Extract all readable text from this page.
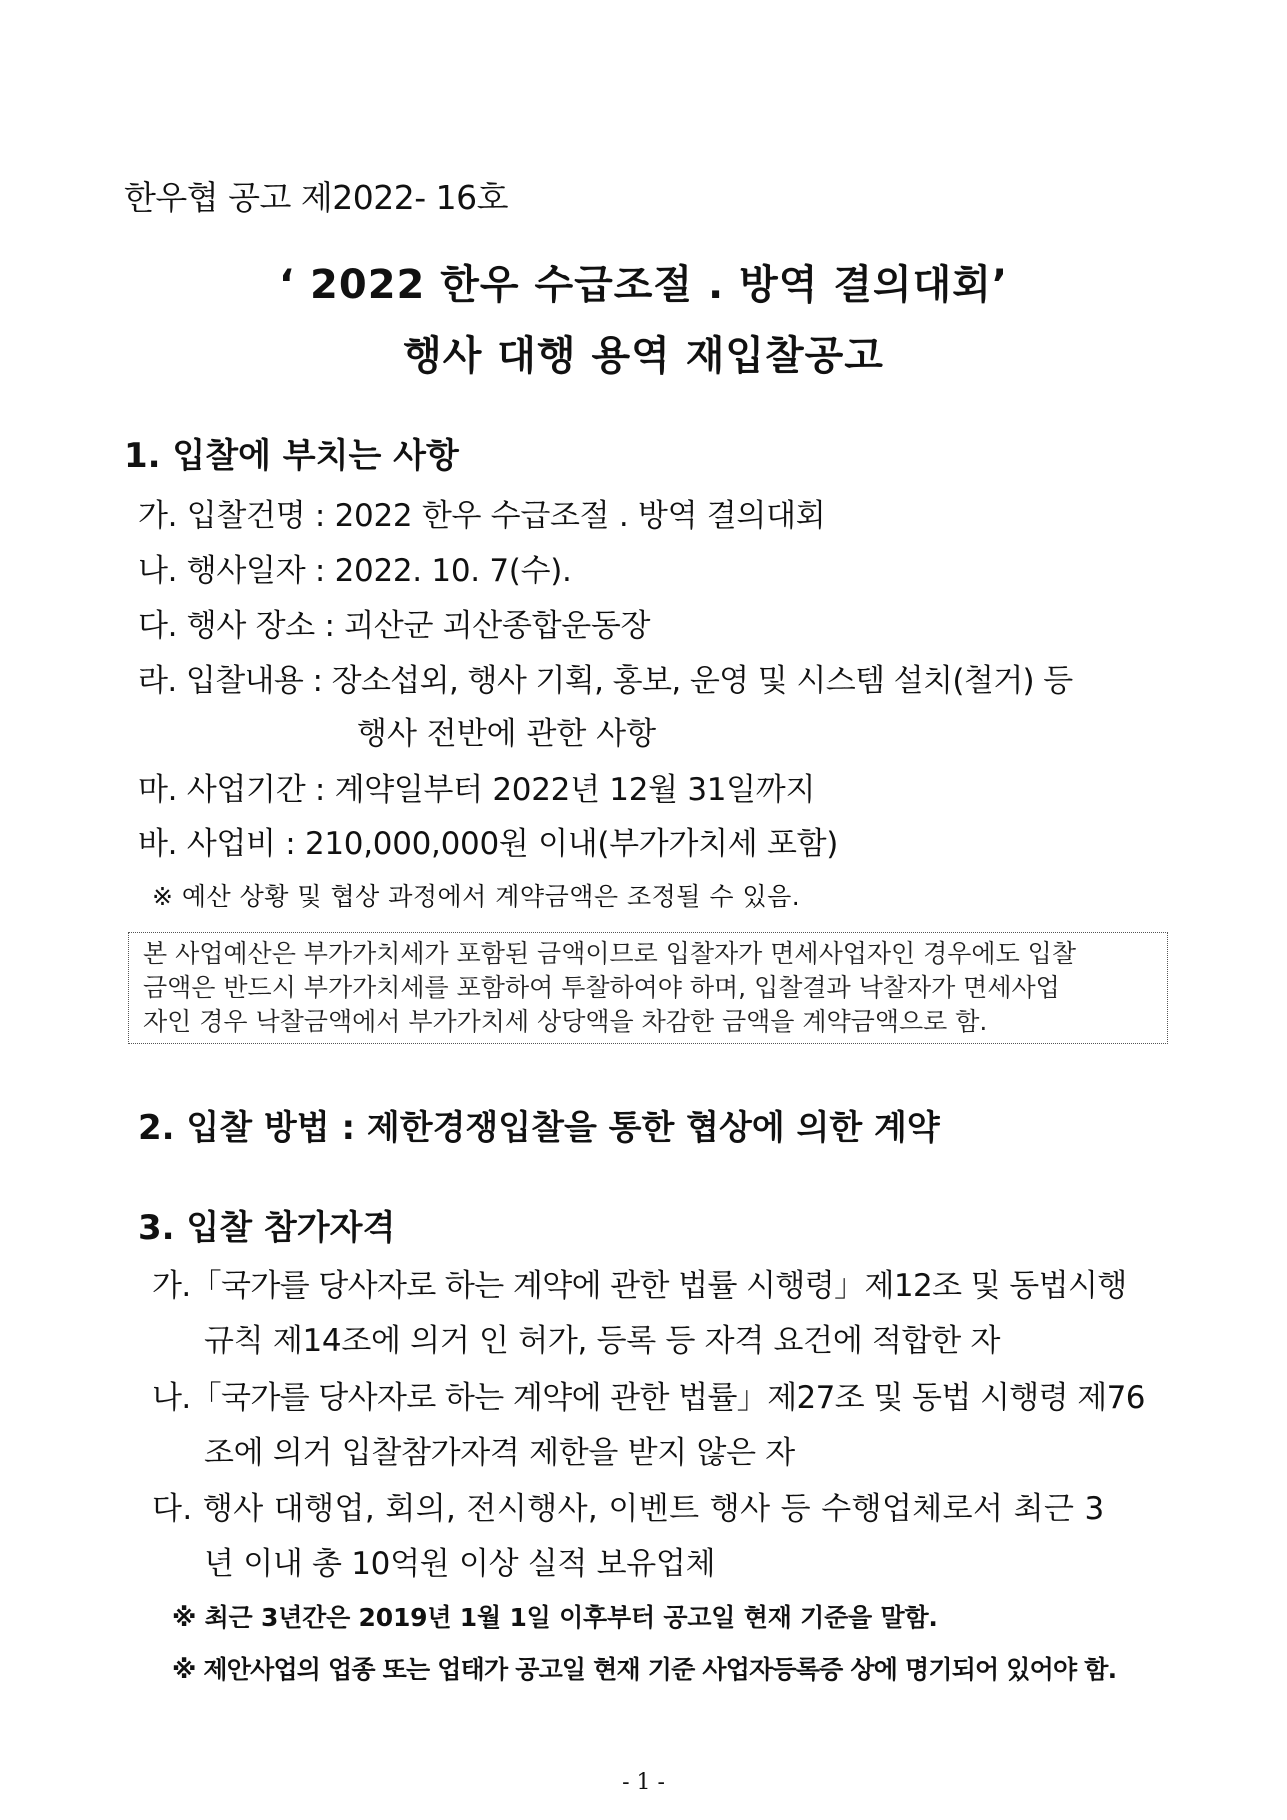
한우협 공고 제2022- 16호
‘ 2022 한우 수급조절 . 방역 결의대회’
행사 대행 용역 재입찰공고
1. 입찰에 부치는 사항
가. 입찰건명 : 2022 한우 수급조절 . 방역 결의대회
나. 행사일자 : 2022. 10. 7(수).
다. 행사 장소 : 괴산군 괴산종합운동장
라. 입찰내용 : 장소섭외, 행사 기획, 홍보, 운영 및 시스템 설치(철거) 등
행사 전반에 관한 사항
마. 사업기간 : 계약일부터 2022년 12월 31일까지
바. 사업비 : 210,000,000원 이내(부가가치세 포함)
※ 예산 상황 및 협상 과정에서 계약금액은 조정될 수 있음.

본 사업예산은 부가가치세가 포함된 금액이므로 입찰자가 면세사업자인 경우에도 입찰

금액은 반드시 부가가치세를 포함하여 투찰하여야 하며, 입찰결과 낙찰자가 면세사업

자인 경우 낙찰금액에서 부가가치세 상당액을 차감한 금액을 계약금액으로 함.

2. 입찰 방법 : 제한경쟁입찰을 통한 협상에 의한 계약
3. 입찰 참가자격
가.「국가를 당사자로 하는 계약에 관한 법률 시행령」제12조 및 동법시행
규칙 제14조에 의거 인 허가, 등록 등 자격 요건에 적합한 자
나.「국가를 당사자로 하는 계약에 관한 법률」제27조 및 동법 시행령 제76
조에 의거 입찰참가자격 제한을 받지 않은 자
다. 행사 대행업, 회의, 전시행사, 이벤트 행사 등 수행업체로서 최근 3
년 이내 총 10억원 이상 실적 보유업체
※ 최근 3년간은 2019년 1월 1일 이후부터 공고일 현재 기준을 말함.
※ 제안사업의 업종 또는 업태가 공고일 현재 기준 사업자등록증 상에 명기되어 있어야 함.
- 1 -
